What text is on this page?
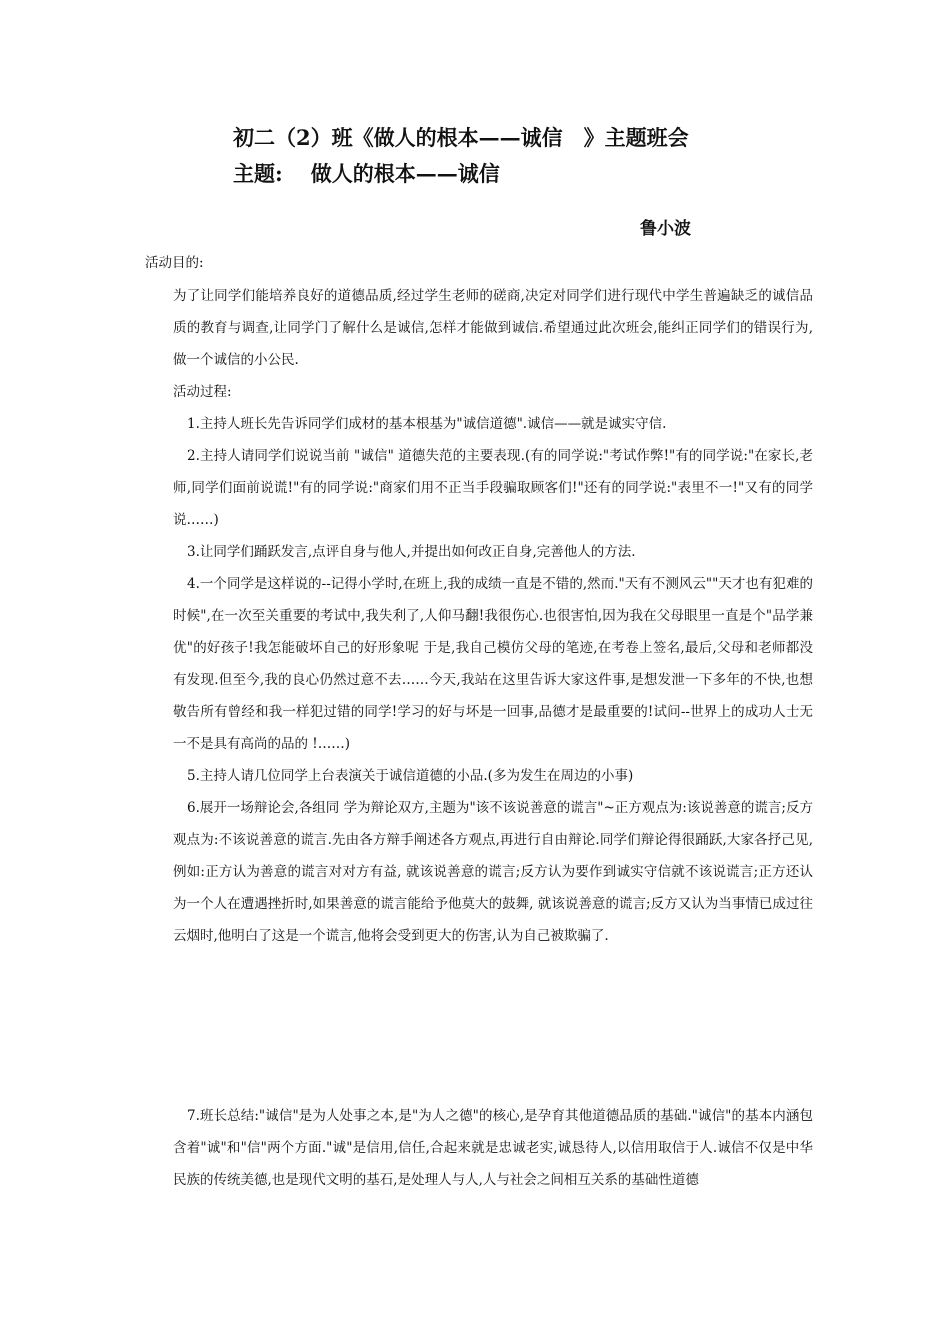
初二（2）班《做人的根本——诚信　》主题班会
主题: 做人的根本——诚信
鲁小波
活动目的:

为了让同学们能培养良好的道德品质,经过学生老师的磋商,决定对同学们进行现代中学生普遍缺乏的诚信品质的教育与调查,让同学门了解什么是诚信,怎样才能做到诚信.希望通过此次班会,能纠正同学们的错误行为,做一个诚信的小公民.

活动过程:

1.主持人班长先告诉同学们成材的基本根基为"诚信道德".诚信——就是诚实守信.

2.主持人请同学们说说当前 "诚信" 道德失范的主要表现.(有的同学说:"考试作弊!"有的同学说:"在家长,老师,同学们面前说谎!"有的同学说:"商家们用不正当手段骗取顾客们!"还有的同学说:"表里不一!"又有的同学说……)

3.让同学们踊跃发言,点评自身与他人,并提出如何改正自身,完善他人的方法.

4.一个同学是这样说的--记得小学时,在班上,我的成绩一直是不错的,然而."天有不测风云""天才也有犯难的时候",在一次至关重要的考试中,我失利了,人仰马翻!我很伤心.也很害怕,因为我在父母眼里一直是个"品学兼优"的好孩子!我怎能破坏自己的好形象呢 于是,我自己模仿父母的笔迹,在考卷上签名,最后,父母和老师都没有发现.但至今,我的良心仍然过意不去……今天,我站在这里告诉大家这件事,是想发泄一下多年的不快,也想敬告所有曾经和我一样犯过错的同学!学习的好与坏是一回事,品德才是最重要的!试问--世界上的成功人士无一不是具有高尚的品的 !……)

5.主持人请几位同学上台表演关于诚信道德的小品.(多为发生在周边的小事)

6.展开一场辩论会,各组同 学为辩论双方,主题为"该不该说善意的谎言"~正方观点为:该说善意的谎言;反方观点为:不该说善意的谎言.先由各方辩手阐述各方观点,再进行自由辩论.同学们辩论得很踊跃,大家各抒己见,例如:正方认为善意的谎言对对方有益, 就该说善意的谎言;反方认为要作到诚实守信就不该说谎言;正方还认为一个人在遭遇挫折时,如果善意的谎言能给予他莫大的鼓舞, 就该说善意的谎言;反方又认为当事情已成过往云烟时,他明白了这是一个谎言,他将会受到更大的伤害,认为自己被欺骗了.

7.班长总结:"诚信"是为人处事之本,是"为人之德"的核心,是孕育其他道德品质的基础."诚信"的基本内涵包含着"诚"和"信"两个方面."诚"是信用,信任,合起来就是忠诚老实,诚恳待人,以信用取信于人.诚信不仅是中华民族的传统美德,也是现代文明的基石,是处理人与人,人与社会之间相互关系的基础性道德
